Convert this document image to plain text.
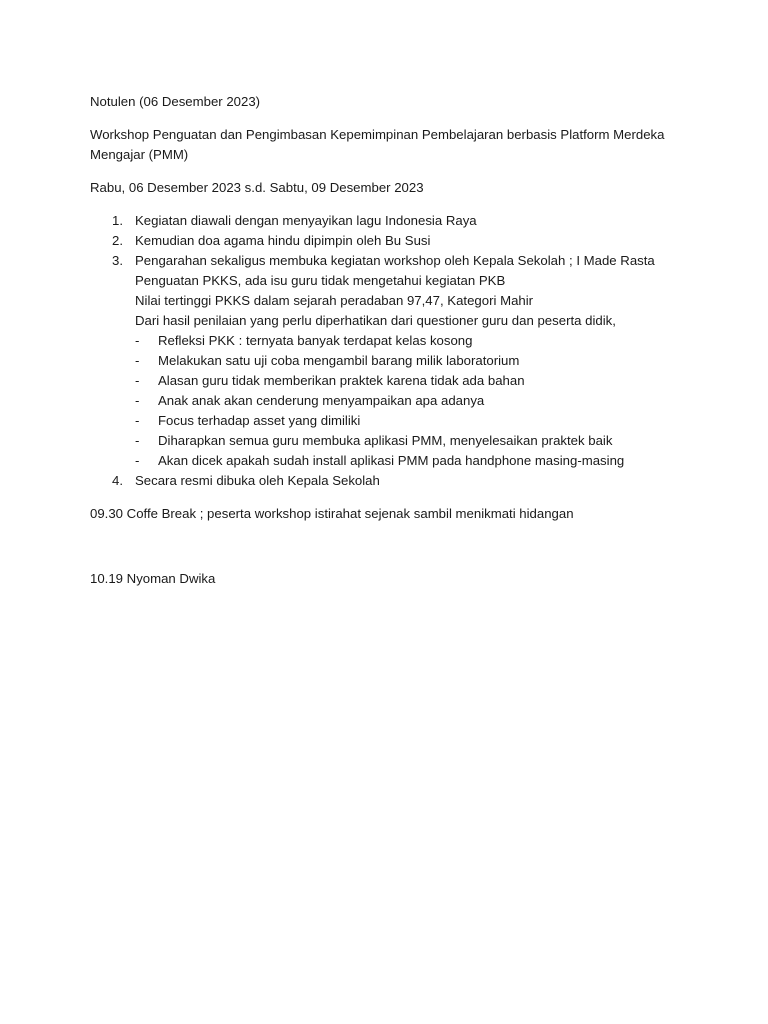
Notulen (06 Desember 2023)

Workshop Penguatan dan Pengimbasan Kepemimpinan Pembelajaran berbasis Platform Merdeka Mengajar (PMM)

Rabu, 06 Desember 2023 s.d. Sabtu, 09 Desember 2023

1. Kegiatan diawali dengan menyayikan lagu Indonesia Raya
2. Kemudian doa agama hindu dipimpin oleh Bu Susi
3. Pengarahan sekaligus membuka kegiatan workshop oleh Kepala Sekolah ; I Made Rasta
Penguatan PKKS, ada isu guru tidak mengetahui kegiatan PKB
Nilai tertinggi PKKS dalam sejarah peradaban 97,47, Kategori Mahir
Dari hasil penilaian yang perlu diperhatikan dari questioner guru dan peserta didik,
- Refleksi PKK : ternyata banyak terdapat kelas kosong
- Melakukan satu uji coba mengambil barang milik laboratorium
- Alasan guru tidak memberikan praktek karena tidak ada bahan
- Anak anak akan cenderung menyampaikan apa adanya
- Focus terhadap asset yang dimiliki
- Diharapkan semua guru membuka aplikasi PMM, menyelesaikan praktek baik
- Akan dicek apakah sudah install aplikasi PMM pada handphone masing-masing
4. Secara resmi dibuka oleh Kepala Sekolah

09.30 Coffe Break ; peserta workshop istirahat sejenak sambil menikmati hidangan

10.19 Nyoman Dwika
